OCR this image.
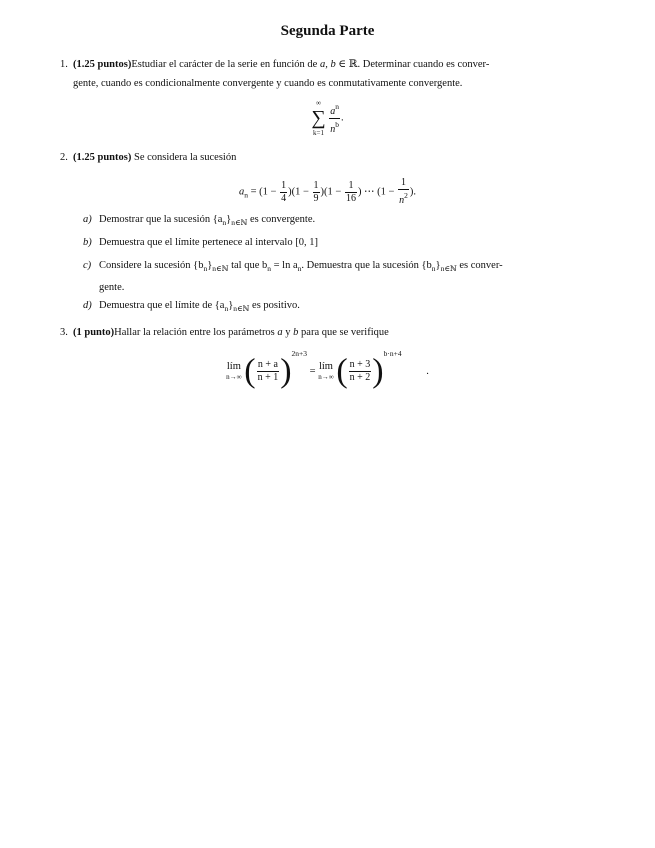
Segunda Parte
1. (1.25 puntos)Estudiar el carácter de la serie en función de a, b ∈ ℝ. Determinar cuando es conver-
gente, cuando es condicionalmente convergente y cuando es conmutativamente convergente.
∞
∑
k=1
$\frac{a^n}{n^b}$ .
2. (1.25 puntos) Se considera la sucesión
$a_n = (1 - \frac{1}{4} )(1 - \frac{1}{9} )(1 - \frac{1}{16}$ ) ⋯ ($1 - \frac{1}{n^2}$ ).
a) Demostrar que la sucesión $\{a_n\}_{n\in ℕ}$ es convergente.
b) Demuestra que el límite pertenece al intervalo [0, 1]
c) Considere la sucesión $\{b_n\}_{n\in ℕ}$ tal que $b_n = \ln a_n$. Demuestra que la sucesión $\{b_n\}_{n\in ℕ}$ es conver-
gente.
d) Demuestra que el límite de $\{a_n\}_{n\in ℕ}$ es positivo.
3. (1 punto)Hallar la relación entre los parámetros a y b para que se verifique
lím
n→∞ ( $\frac{n + a}{n + 1} )^{2n+3}$ = lím
n→∞ ( $\frac{n + 3}{n + 2} )^{b\cdot n+4}$ .
